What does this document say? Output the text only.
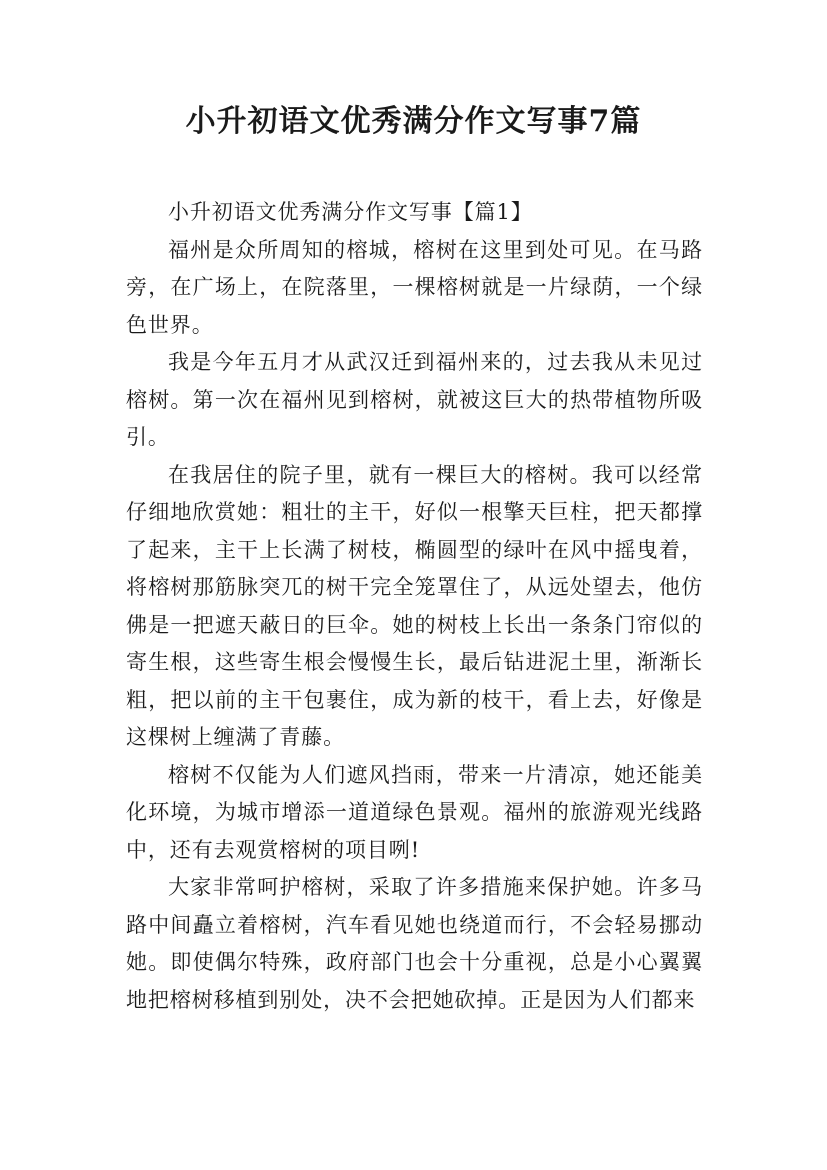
小升初语文优秀满分作文写事7篇

小升初语文优秀满分作文写事【篇1】

福州是众所周知的榕城，榕树在这里到处可见。在马路旁，在广场上，在院落里，一棵榕树就是一片绿荫，一个绿色世界。

我是今年五月才从武汉迁到福州来的，过去我从未见过榕树。第一次在福州见到榕树，就被这巨大的热带植物所吸引。

在我居住的院子里，就有一棵巨大的榕树。我可以经常仔细地欣赏她：粗壮的主干，好似一根擎天巨柱，把天都撑了起来，主干上长满了树枝，椭圆型的绿叶在风中摇曳着，将榕树那筋脉突兀的树干完全笼罩住了，从远处望去，他仿佛是一把遮天蔽日的巨伞。她的树枝上长出一条条门帘似的寄生根，这些寄生根会慢慢生长，最后钻进泥土里，渐渐长粗，把以前的主干包裹住，成为新的枝干，看上去，好像是这棵树上缠满了青藤。

榕树不仅能为人们遮风挡雨，带来一片清凉，她还能美化环境，为城市增添一道道绿色景观。福州的旅游观光线路中，还有去观赏榕树的项目咧!

大家非常呵护榕树，采取了许多措施来保护她。许多马路中间矗立着榕树，汽车看见她也绕道而行，不会轻易挪动她。即使偶尔特殊，政府部门也会十分重视，总是小心翼翼地把榕树移植到别处，决不会把她砍掉。正是因为人们都来
